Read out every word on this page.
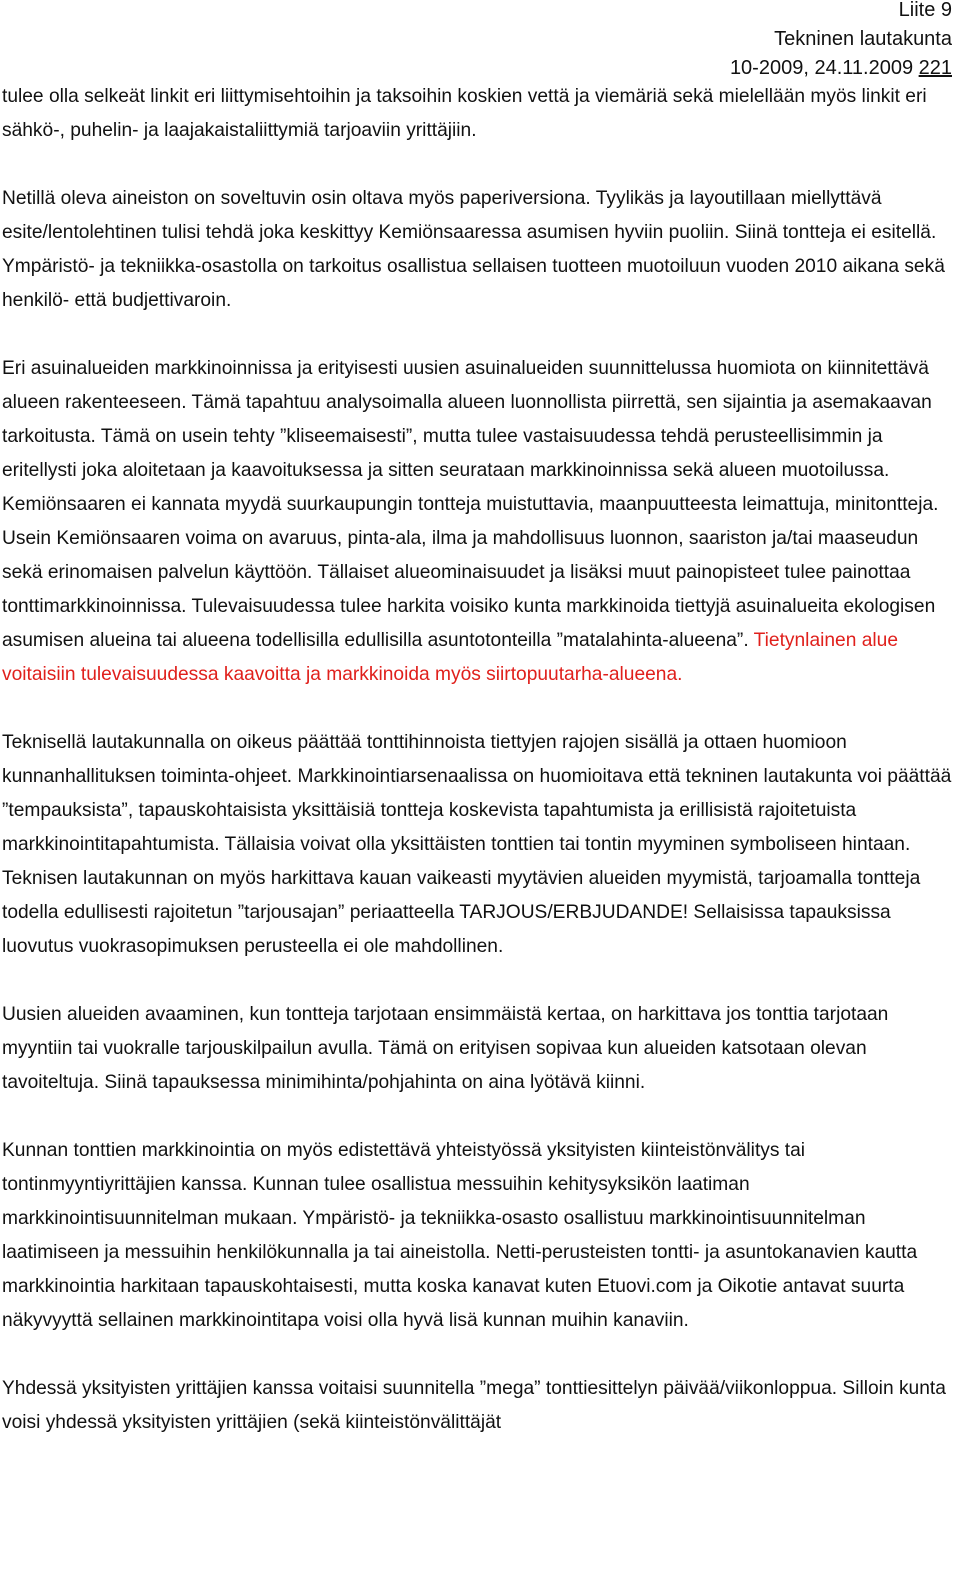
Liite 9
Tekninen lautakunta
10-2009, 24.11.2009 221

tulee olla selkeät linkit eri liittymisehtoihin ja taksoihin koskien vettä ja viemäriä sekä mielellään myös linkit eri sähkö-, puhelin- ja laajakaistaliittymiä tarjoaviin yrittäjiin.

Netillä oleva aineiston on soveltuvin osin oltava myös paperiversiona. Tyylikäs ja layoutillaan miellyttävä esite/lentolehtinen tulisi tehdä joka keskittyy Kemiönsaaressa asumisen hyviin puoliin. Siinä tontteja ei esitellä. Ympäristö- ja tekniikka-osastolla on tarkoitus osallistua sellaisen tuotteen muotoiluun vuoden 2010 aikana sekä henkilö- että budjettivaroin.

Eri asuinalueiden markkinoinnissa ja erityisesti uusien asuinalueiden suunnittelussa huomiota on kiinnitettävä alueen rakenteeseen. Tämä tapahtuu analysoimalla alueen luonnollista piirrettä, sen sijaintia ja asemakaavan tarkoitusta. Tämä on usein tehty ”kliseemaisesti”, mutta tulee vastaisuudessa tehdä perusteellisimmin ja eritellysti joka aloitetaan ja kaavoituksessa ja sitten seurataan markkinoinnissa sekä alueen muotoilussa. Kemiönsaaren ei kannata myydä suurkaupungin tontteja muistuttavia, maanpuutteesta leimattuja, minitontteja. Usein Kemiönsaaren voima on avaruus, pinta-ala, ilma ja mahdollisuus luonnon, saariston ja/tai maaseudun sekä erinomaisen palvelun käyttöön. Tällaiset alueominaisuudet ja lisäksi muut painopisteet tulee painottaa tonttimarkkinoinnissa. Tulevaisuudessa tulee harkita voisiko kunta markkinoida tiettyjä asuinalueita ekologisen asumisen alueina tai alueena todellisilla edullisilla asuntotonteilla ”matalahinta-alueena”. Tietynlainen alue voitaisiin tulevaisuudessa kaavoitta ja markkinoida myös siirtopuutarha-alueena.

Teknisellä lautakunnalla on oikeus päättää tonttihinnoista tiettyjen rajojen sisällä ja ottaen huomioon kunnanhallituksen toiminta-ohjeet. Markkinointiarsenaalissa on huomioitava että tekninen lautakunta voi päättää ”tempauksista”, tapauskohtaisista yksittäisiä tontteja koskevista tapahtumista ja erillisistä rajoitetuista markkinointitapahtumista. Tällaisia voivat olla yksittäisten tonttien tai tontin myyminen symboliseen hintaan. Teknisen lautakunnan on myös harkittava kauan vaikeasti myytävien alueiden myymistä, tarjoamalla tontteja todella edullisesti rajoitetun ”tarjousajan” periaatteella TARJOUS/ERBJUDANDE! Sellaisissa tapauksissa luovutus vuokrasopimuksen perusteella ei ole mahdollinen.

Uusien alueiden avaaminen, kun tontteja tarjotaan ensimmäistä kertaa, on harkittava jos tonttia tarjotaan myyntiin tai vuokralle tarjouskilpailun avulla. Tämä on erityisen sopivaa kun alueiden katsotaan olevan tavoiteltuja. Siinä tapauksessa minimihinta/pohjahinta on aina lyötävä kiinni.

Kunnan tonttien markkinointia on myös edistettävä yhteistyössä yksityisten kiinteistönvälitys tai tontinmyyntiyrittäjien kanssa. Kunnan tulee osallistua messuihin kehitysyksikön laatiman markkinointisuunnitelman mukaan. Ympäristö- ja tekniikka-osasto osallistuu markkinointisuunnitelman laatimiseen ja messuihin henkilökunnalla ja tai aineistolla. Netti-perusteisten tontti- ja asuntokanavien kautta markkinointia harkitaan tapauskohtaisesti, mutta koska kanavat kuten Etuovi.com ja Oikotie antavat suurta näkyvyyttä sellainen markkinointitapa voisi olla hyvä lisä kunnan muihin kanaviin.

Yhdessä yksityisten yrittäjien kanssa voitaisi suunnitella ”mega” tonttiesittelyn päivää/viikonloppua. Silloin kunta voisi yhdessä yksityisten yrittäjien (sekä kiinteistönvälittäjät
